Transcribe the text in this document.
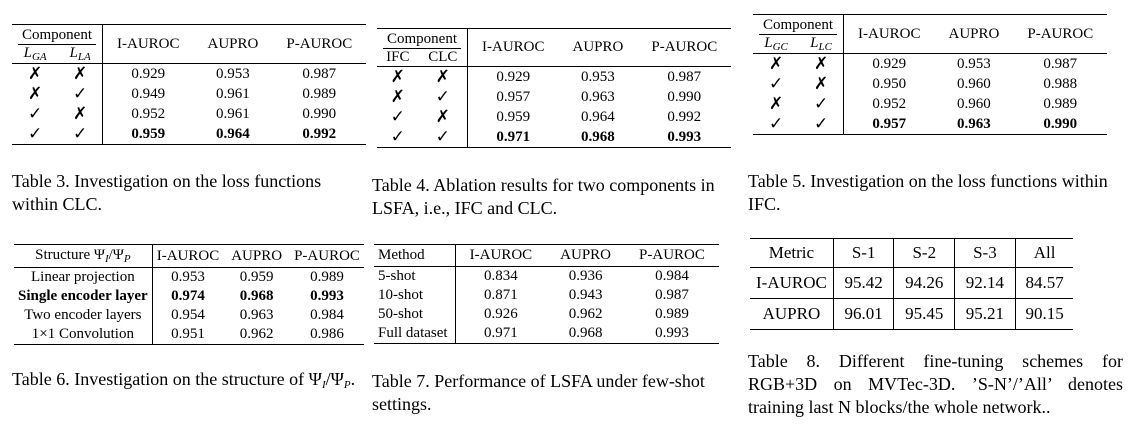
Component		I-AUROC	AUPRO	P-AUROC
$L_{GA}$	$L_{LA}$
✗	✗		0.929	0.953	0.987
✗	✓		0.949	0.961	0.989
✓	✗		0.952	0.961	0.990
✓	✓		0.959	0.964	0.992
Table 3. Investigation on the loss functions within CLC.
Component		I-AUROC	AUPRO	P-AUROC
IFC	CLC			
✗	✗		0.929	0.953	0.987
✗	✓		0.957	0.963	0.990
✓	✗		0.959	0.964	0.992
✓	✓		0.971	0.968	0.993
Table 4. Ablation results for two components in LSFA, i.e., IFC and CLC.
Component		I-AUROC	AUPRO	P-AUROC
$L_{GC}$	$L_{LC}$
✗	✗		0.929	0.953	0.987
✓	✗		0.950	0.960	0.988
✗	✓		0.952	0.960	0.989
✓	✓		0.957	0.963	0.990
Table 5. Investigation on the loss functions within IFC.
Structure $\Psi_I/\Psi_P$	I-AUROC	AUPRO	P-AUROC
Linear projection	0.953	0.959	0.989
Single encoder layer	0.974	0.968	0.993
Two encoder layers	0.954	0.963	0.984
1×1 Convolution	0.951	0.962	0.986
Table 6. Investigation on the structure of $\Psi_I/\Psi_P$.
Method	I-AUROC	AUPRO	P-AUROC
5-shot	0.834	0.936	0.984
10-shot	0.871	0.943	0.987
50-shot	0.926	0.962	0.989
Full dataset	0.971	0.968	0.993
Table 7. Performance of LSFA under few-shot settings.
Metric	S-1	S-2	S-3	All
I-AUROC	95.42	94.26	92.14	84.57
AUPRO	96.01	95.45	95.21	90.15
Table 8. Different fine-tuning schemes for RGB+3D on MVTec-3D. ’S-N’/’All’ denotes training last N blocks/the whole network..
